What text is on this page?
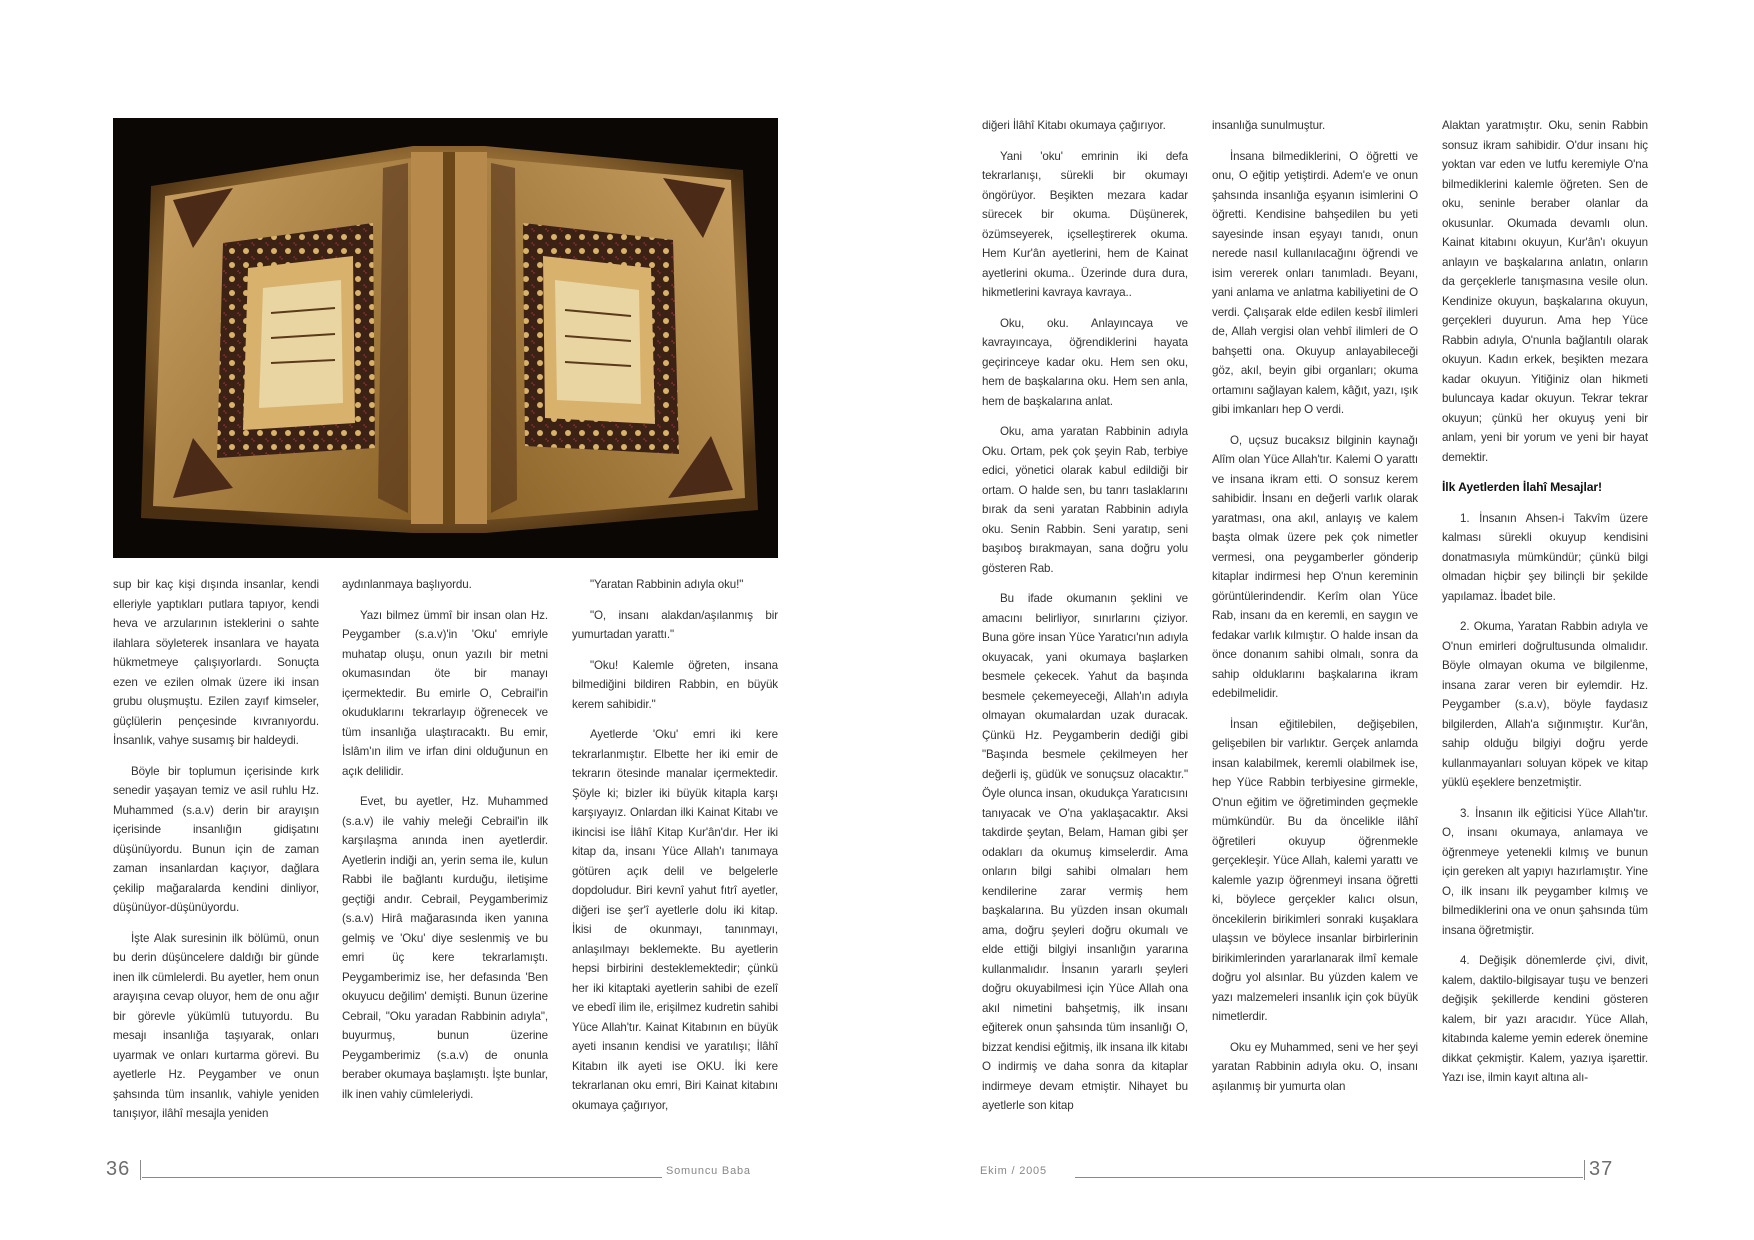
sup bir kaç kişi dışında insanlar, kendi elleriyle yaptıkları putlara tapıyor, kendi heva ve arzularının isteklerini o sahte ilahlara söyleterek insanlara ve hayata hükmetmeye çalışıyorlardı. Sonuçta ezen ve ezilen olmak üzere iki insan grubu oluşmuştu. Ezilen zayıf kimseler, güçlülerin pençesinde kıvranıyordu. İnsanlık, vahye susamış bir haldeydi.

Böyle bir toplumun içerisinde kırk senedir yaşayan temiz ve asil ruhlu Hz. Muhammed (s.a.v) derin bir arayışın içerisinde insanlığın gidişatını düşünüyordu. Bunun için de zaman zaman insanlardan kaçıyor, dağlara çekilip mağaralarda kendini dinliyor, düşünüyor-düşünüyordu.

İşte Alak suresinin ilk bölümü, onun bu derin düşüncelere daldığı bir günde inen ilk cümlelerdi. Bu ayetler, hem onun arayışına cevap oluyor, hem de onu ağır bir görevle yükümlü tutuyordu. Bu mesajı insanlığa taşıyarak, onları uyarmak ve onları kurtarma görevi. Bu ayetlerle Hz. Peygamber ve onun şahsında tüm insanlık, vahiyle yeniden tanışıyor, ilâhî mesajla yeniden

aydınlanmaya başlıyordu.

Yazı bilmez ümmî bir insan olan Hz. Peygamber (s.a.v)'in 'Oku' emriyle muhatap oluşu, onun yazılı bir metni okumasından öte bir manayı içermektedir. Bu emirle O, Cebrail'in okuduklarını tekrarlayıp öğrenecek ve tüm insanlığa ulaştıracaktı. Bu emir, İslâm'ın ilim ve irfan dini olduğunun en açık delilidir.

Evet, bu ayetler, Hz. Muhammed (s.a.v) ile vahiy meleği Cebrail'in ilk karşılaşma anında inen ayetlerdir. Ayetlerin indiği an, yerin sema ile, kulun Rabbi ile bağlantı kurduğu, iletişime geçtiği andır. Cebrail, Peygamberimiz (s.a.v) Hirâ mağarasında iken yanına gelmiş ve 'Oku' diye seslenmiş ve bu emri üç kere tekrarlamıştı. Peygamberimiz ise, her defasında 'Ben okuyucu değilim' demişti. Bunun üzerine Cebrail, "Oku yaradan Rabbinin adıyla", buyurmuş, bunun üzerine Peygamberimiz (s.a.v) de onunla beraber okumaya başlamıştı. İşte bunlar, ilk inen vahiy cümleleriydi.

"Yaratan Rabbinin adıyla oku!"

"O, insanı alakdan/aşılanmış bir yumurtadan yarattı."

"Oku! Kalemle öğreten, insana bilmediğini bildiren Rabbin, en büyük kerem sahibidir."

Ayetlerde 'Oku' emri iki kere tekrarlanmıştır. Elbette her iki emir de tekrarın ötesinde manalar içermektedir. Şöyle ki; bizler iki büyük kitapla karşı karşıyayız. Onlardan ilki Kainat Kitabı ve ikincisi ise İlâhî Kitap Kur'ân'dır. Her iki kitap da, insanı Yüce Allah'ı tanımaya götüren açık delil ve belgelerle dopdoludur. Biri kevnî yahut fıtrî ayetler, diğeri ise şer'î ayetlerle dolu iki kitap. İkisi de okunmayı, tanınmayı, anlaşılmayı beklemekte. Bu ayetlerin hepsi birbirini desteklemektedir; çünkü her iki kitaptaki ayetlerin sahibi de ezelî ve ebedî ilim ile, erişilmez kudretin sahibi Yüce Allah'tır. Kainat Kitabının en büyük ayeti insanın kendisi ve yaratılışı; İlâhî Kitabın ilk ayeti ise OKU. İki kere tekrarlanan oku emri, Biri Kainat kitabını okumaya çağırıyor,

36	Somuncu Baba

diğeri İlâhî Kitabı okumaya çağırıyor.

Yani 'oku' emrinin iki defa tekrarlanışı, sürekli bir okumayı öngörüyor. Beşikten mezara kadar sürecek bir okuma. Düşünerek, özümseyerek, içselleştirerek okuma. Hem Kur'ân ayetlerini, hem de Kainat ayetlerini okuma.. Üzerinde dura dura, hikmetlerini kavraya kavraya..

Oku, oku. Anlayıncaya ve kavrayıncaya, öğrendiklerini hayata geçirinceye kadar oku. Hem sen oku, hem de başkalarına oku. Hem sen anla, hem de başkalarına anlat.

Oku, ama yaratan Rabbinin adıyla Oku. Ortam, pek çok şeyin Rab, terbiye edici, yönetici olarak kabul edildiği bir ortam. O halde sen, bu tanrı taslaklarını bırak da seni yaratan Rabbinin adıyla oku. Senin Rabbin. Seni yaratıp, seni başıboş bırakmayan, sana doğru yolu gösteren Rab.

Bu ifade okumanın şeklini ve amacını belirliyor, sınırlarını çiziyor. Buna göre insan Yüce Yaratıcı'nın adıyla okuyacak, yani okumaya başlarken besmele çekecek. Yahut da başında besmele çekemeyeceği, Allah'ın adıyla olmayan okumalardan uzak duracak. Çünkü Hz. Peygamberin dediği gibi "Başında besmele çekilmeyen her değerli iş, güdük ve sonuçsuz olacaktır." Öyle olunca insan, okudukça Yaratıcısını tanıyacak ve O'na yaklaşacaktır. Aksi takdirde şeytan, Belam, Haman gibi şer odakları da okumuş kimselerdir. Ama onların bilgi sahibi olmaları hem kendilerine zarar vermiş hem başkalarına. Bu yüzden insan okumalı ama, doğru şeyleri doğru okumalı ve elde ettiği bilgiyi insanlığın yararına kullanmalıdır. İnsanın yararlı şeyleri doğru okuyabilmesi için Yüce Allah ona akıl nimetini bahşetmiş, ilk insanı eğiterek onun şahsında tüm insanlığı O, bizzat kendisi eğitmiş, ilk insana ilk kitabı O indirmiş ve daha sonra da kitaplar indirmeye devam etmiştir. Nihayet bu ayetlerle son kitap

insanlığa sunulmuştur.

İnsana bilmediklerini, O öğretti ve onu, O eğitip yetiştirdi. Adem'e ve onun şahsında insanlığa eşyanın isimlerini O öğretti. Kendisine bahşedilen bu yeti sayesinde insan eşyayı tanıdı, onun nerede nasıl kullanılacağını öğrendi ve isim vererek onları tanımladı. Beyanı, yani anlama ve anlatma kabiliyetini de O verdi. Çalışarak elde edilen kesbî ilimleri de, Allah vergisi olan vehbî ilimleri de O bahşetti ona. Okuyup anlayabileceği göz, akıl, beyin gibi organları; okuma ortamını sağlayan kalem, kâğıt, yazı, ışık gibi imkanları hep O verdi.

O, uçsuz bucaksız bilginin kaynağı Alîm olan Yüce Allah'tır. Kalemi O yarattı ve insana ikram etti. O sonsuz kerem sahibidir. İnsanı en değerli varlık olarak yaratması, ona akıl, anlayış ve kalem başta olmak üzere pek çok nimetler vermesi, ona peygamberler gönderip kitaplar indirmesi hep O'nun kereminin görüntülerindendir. Kerîm olan Yüce Rab, insanı da en keremli, en saygın ve fedakar varlık kılmıştır. O halde insan da önce donanım sahibi olmalı, sonra da sahip olduklarını başkalarına ikram edebilmelidir.

İnsan eğitilebilen, değişebilen, gelişebilen bir varlıktır. Gerçek anlamda insan kalabilmek, keremli olabilmek ise, hep Yüce Rabbin terbiyesine girmekle, O'nun eğitim ve öğretiminden geçmekle mümkündür. Bu da öncelikle ilâhî öğretileri okuyup öğrenmekle gerçekleşir. Yüce Allah, kalemi yarattı ve kalemle yazıp öğrenmeyi insana öğretti ki, böylece gerçekler kalıcı olsun, öncekilerin birikimleri sonraki kuşaklara ulaşsın ve böylece insanlar birbirlerinin birikimlerinden yararlanarak ilmî kemale doğru yol alsınlar. Bu yüzden kalem ve yazı malzemeleri insanlık için çok büyük nimetlerdir.

Oku ey Muhammed, seni ve her şeyi yaratan Rabbinin adıyla oku. O, insanı aşılanmış bir yumurta olan

Alaktan yaratmıştır. Oku, senin Rabbin sonsuz ikram sahibidir. O'dur insanı hiç yoktan var eden ve lutfu keremiyle O'na bilmediklerini kalemle öğreten. Sen de oku, seninle beraber olanlar da okusunlar. Okumada devamlı olun. Kainat kitabını okuyun, Kur'ân'ı okuyun anlayın ve başkalarına anlatın, onların da gerçeklerle tanışmasına vesile olun. Kendinize okuyun, başkalarına okuyun, gerçekleri duyurun. Ama hep Yüce Rabbin adıyla, O'nunla bağlantılı olarak okuyun. Kadın erkek, beşikten mezara kadar okuyun. Yitiğiniz olan hikmeti buluncaya kadar okuyun. Tekrar tekrar okuyun; çünkü her okuyuş yeni bir anlam, yeni bir yorum ve yeni bir hayat demektir.

İlk Ayetlerden İlahî Mesajlar!

1. İnsanın Ahsen-i Takvîm üzere kalması sürekli okuyup kendisini donatmasıyla mümkündür; çünkü bilgi olmadan hiçbir şey bilinçli bir şekilde yapılamaz. İbadet bile.

2. Okuma, Yaratan Rabbin adıyla ve O'nun emirleri doğrultusunda olmalıdır. Böyle olmayan okuma ve bilgilenme, insana zarar veren bir eylemdir. Hz. Peygamber (s.a.v), böyle faydasız bilgilerden, Allah'a sığınmıştır. Kur'ân, sahip olduğu bilgiyi doğru yerde kullanmayanları soluyan köpek ve kitap yüklü eşeklere benzetmiştir.

3. İnsanın ilk eğiticisi Yüce Allah'tır. O, insanı okumaya, anlamaya ve öğrenmeye yetenekli kılmış ve bunun için gereken alt yapıyı hazırlamıştır. Yine O, ilk insanı ilk peygamber kılmış ve bilmediklerini ona ve onun şahsında tüm insana öğretmiştir.

4. Değişik dönemlerde çivi, divit, kalem, daktilo-bilgisayar tuşu ve benzeri değişik şekillerde kendini gösteren kalem, bir yazı aracıdır. Yüce Allah, kitabında kaleme yemin ederek önemine dikkat çekmiştir. Kalem, yazıya işarettir. Yazı ise, ilmin kayıt altına alı-

Ekim / 2005	37
